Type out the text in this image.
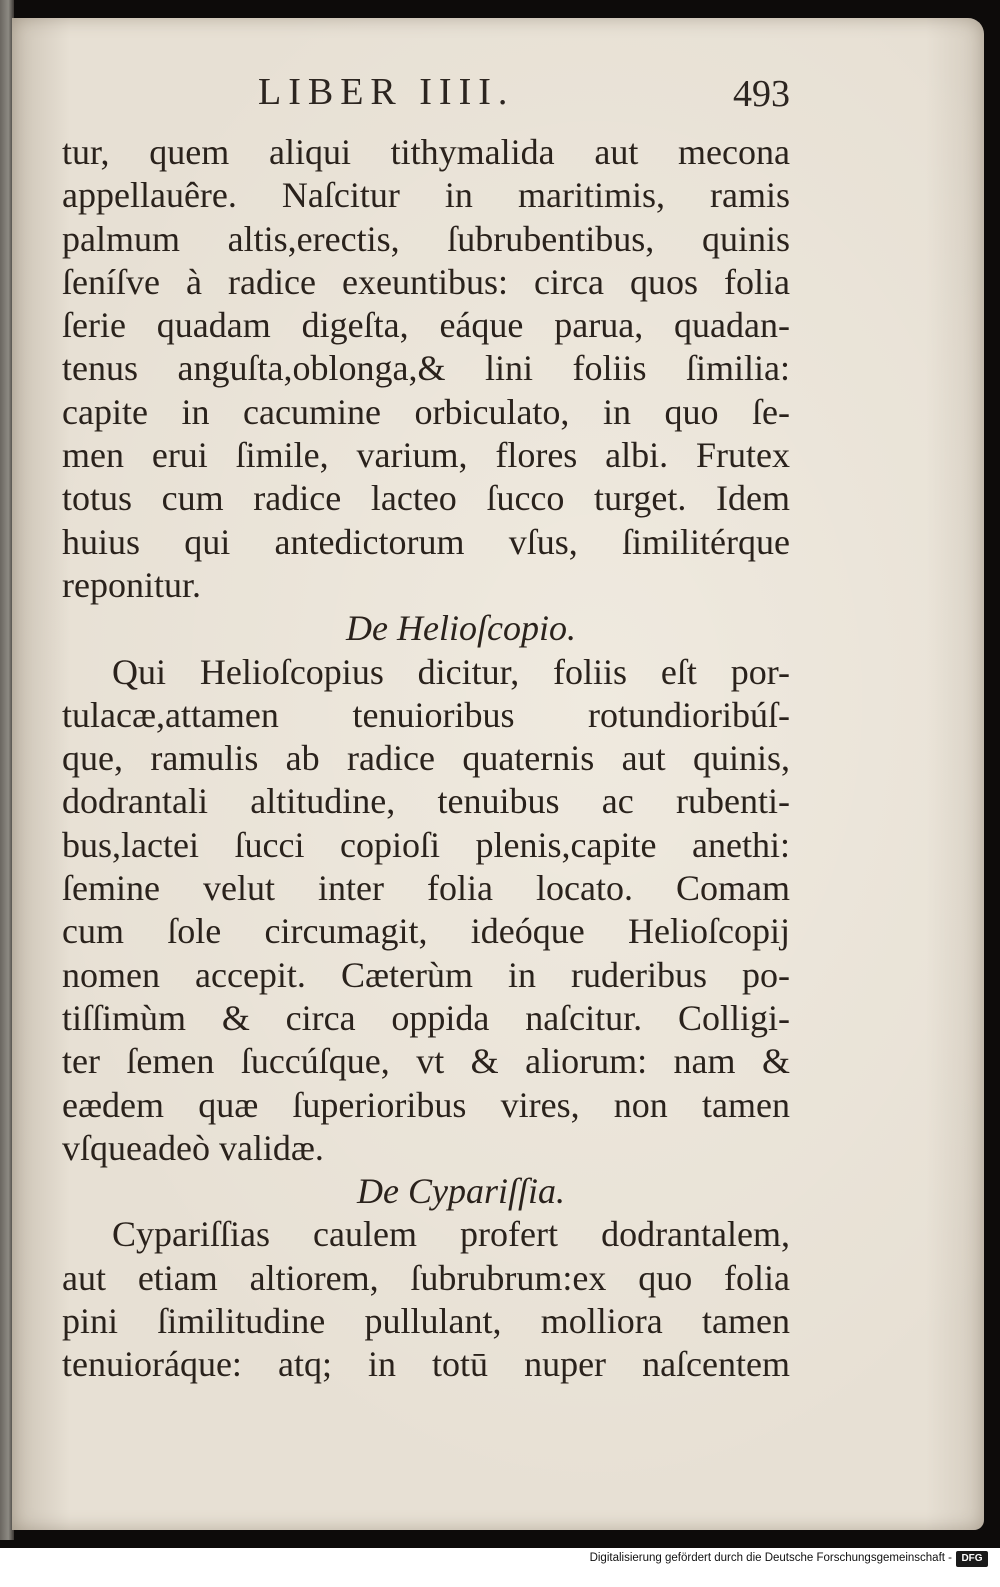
LIBER IIII.	493
tur, quem aliqui tithymalida aut mecona
appellauêre. Naſcitur in maritimis, ramis
palmum altis,erectis, ſubrubentibus, quinis
ſeníſve à radice exeuntibus: circa quos folia
ſerie quadam digeſta, eáque parua, quadan-
tenus anguſta,oblonga,& lini foliis ſimilia:
capite in cacumine orbiculato, in quo ſe-
men erui ſimile, varium, flores albi. Frutex
totus cum radice lacteo ſucco turget. Idem
huius qui antedictorum vſus, ſimilitérque
reponitur.
De Helioſcopio.
Qui Helioſcopius dicitur, foliis eſt por-
tulacæ,attamen tenuioribus rotundioribúſ-
que, ramulis ab radice quaternis aut quinis,
dodrantali altitudine, tenuibus ac rubenti-
bus,lactei ſucci copioſi plenis,capite anethi:
ſemine velut inter folia locato. Comam
cum ſole circumagit, ideóque Helioſcopij
nomen accepit. Cæterùm in ruderibus po-
tiſſimùm & circa oppida naſcitur. Colligi-
ter ſemen ſuccúſque, vt & aliorum: nam &
eædem quæ ſuperioribus vires, non tamen
vſqueadeò validæ.
De Cypariſſia.
Cypariſſias caulem profert dodrantalem,
aut etiam altiorem, ſubrubrum:ex quo folia
pini ſimilitudine pullulant, molliora tamen
tenuioráque: atq; in totū nuper naſcentem
Digitalisierung gefördert durch die Deutsche Forschungsgemeinschaft - DFG
